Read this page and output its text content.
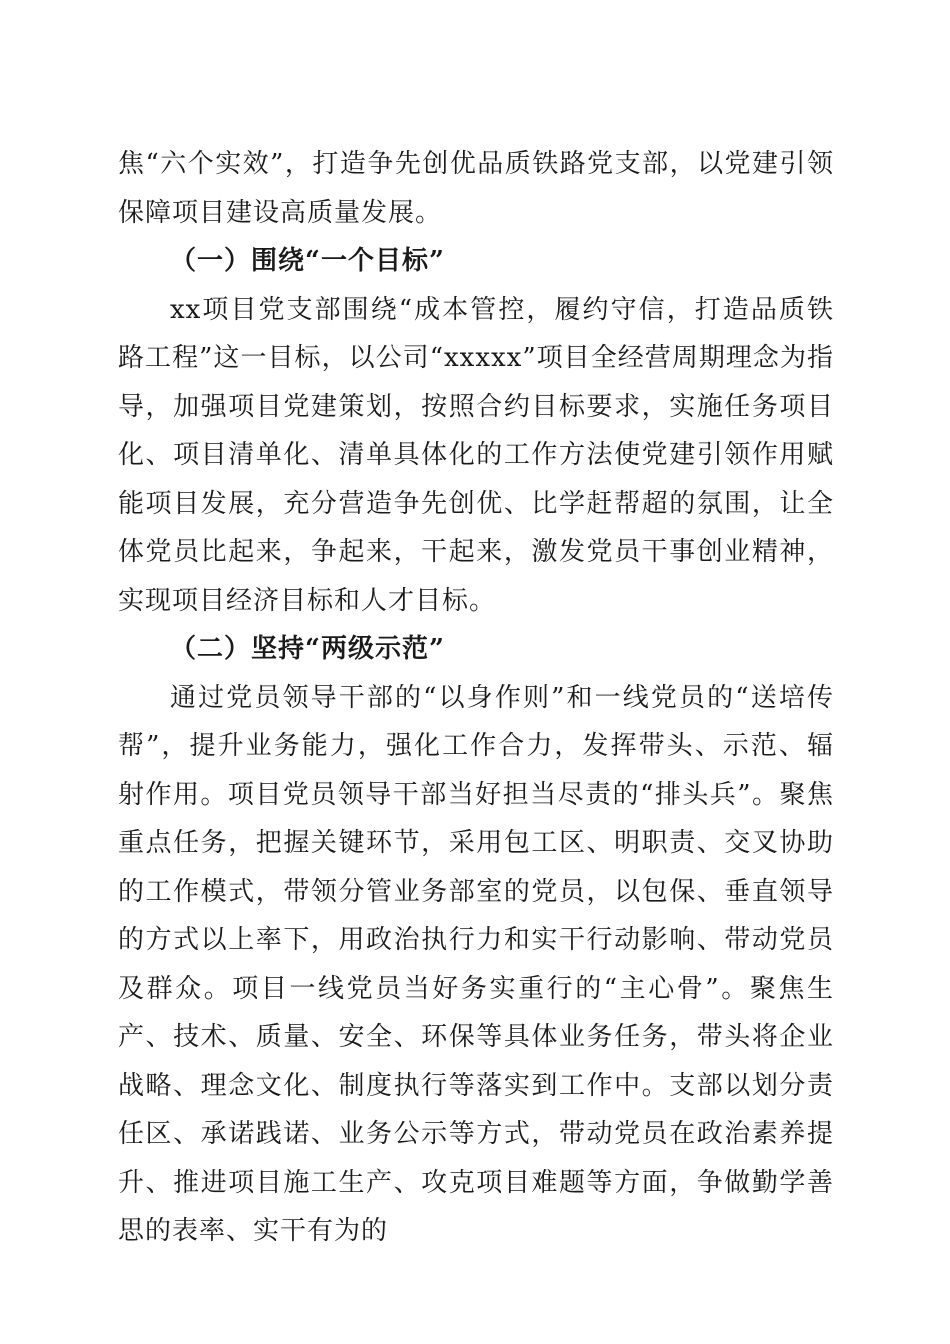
焦“六个实效”，打造争先创优品质铁路党支部，以党建引领保障项目建设高质量发展。

（一）围绕“一个目标”

xx项目党支部围绕“成本管控，履约守信，打造品质铁路工程”这一目标，以公司“xxxxx”项目全经营周期理念为指导，加强项目党建策划，按照合约目标要求，实施任务项目化、项目清单化、清单具体化的工作方法使党建引领作用赋能项目发展，充分营造争先创优、比学赶帮超的氛围，让全体党员比起来，争起来，干起来，激发党员干事创业精神，实现项目经济目标和人才目标。

（二）坚持“两级示范”

通过党员领导干部的“以身作则”和一线党员的“送培传帮”，提升业务能力，强化工作合力，发挥带头、示范、辐射作用。项目党员领导干部当好担当尽责的“排头兵”。聚焦重点任务，把握关键环节，采用包工区、明职责、交叉协助的工作模式，带领分管业务部室的党员，以包保、垂直领导的方式以上率下，用政治执行力和实干行动影响、带动党员及群众。项目一线党员当好务实重行的“主心骨”。聚焦生产、技术、质量、安全、环保等具体业务任务，带头将企业战略、理念文化、制度执行等落实到工作中。支部以划分责任区、承诺践诺、业务公示等方式，带动党员在政治素养提升、推进项目施工生产、攻克项目难题等方面，争做勤学善思的表率、实干有为的
